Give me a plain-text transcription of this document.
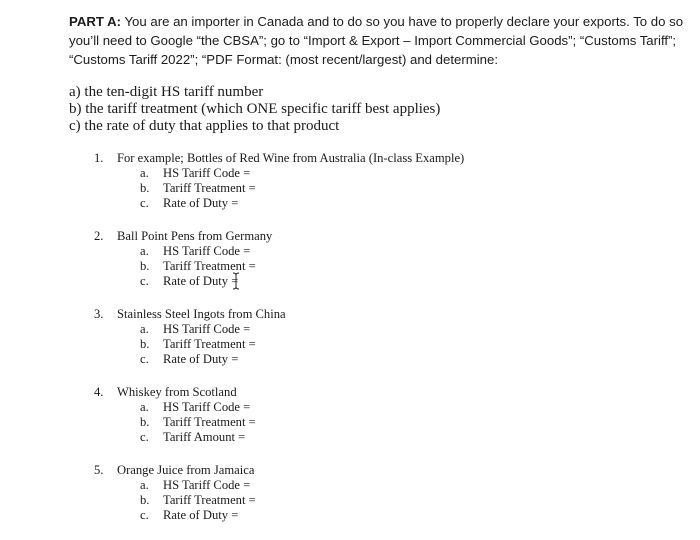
PART A: You are an importer in Canada and to do so you have to properly declare your exports. To do so you’ll need to Google “the CBSA”; go to “Import & Export – Import Commercial Goods”; “Customs Tariff”; “Customs Tariff 2022”; “PDF Format: (most recent/largest) and determine:
a) the ten-digit HS tariff number
b) the tariff treatment (which ONE specific tariff best applies)
c) the rate of duty that applies to that product
1.	For example; Bottles of Red Wine from Australia (In-class Example)
a.	HS Tariff Code =
b.	Tariff Treatment =
c.	Rate of Duty =
2.	Ball Point Pens from Germany
a.	HS Tariff Code =
b.	Tariff Treatment =
c.	Rate of Duty =
3.	Stainless Steel Ingots from China
a.	HS Tariff Code =
b.	Tariff Treatment =
c.	Rate of Duty =
4.	Whiskey from Scotland
a.	HS Tariff Code =
b.	Tariff Treatment =
c.	Tariff Amount =
5.	Orange Juice from Jamaica
a.	HS Tariff Code =
b.	Tariff Treatment =
c.	Rate of Duty =
